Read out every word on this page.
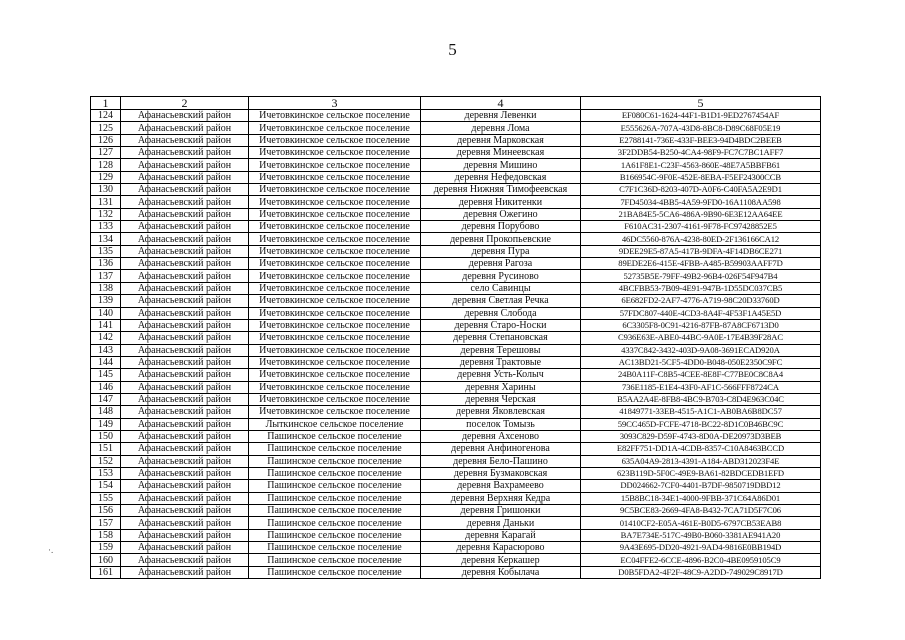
5
1	2	3	4	5
124	Афанасьевский район	Ичетовкинское сельское поселение	деревня Левенки	EF080C61-1624-44F1-B1D1-9ED2767454AF
125	Афанасьевский район	Ичетовкинское сельское поселение	деревня Лома	E555626A-707A-43D8-8BC8-D89C68F05E19
126	Афанасьевский район	Ичетовкинское сельское поселение	деревня Марковская	E2788141-736E-433F-BEE3-94D4BDC2BEEB
127	Афанасьевский район	Ичетовкинское сельское поселение	деревня Минеевская	3F2DDB54-B250-4CA4-98F9-FC7C7BC1AFF7
128	Афанасьевский район	Ичетовкинское сельское поселение	деревня Мишино	1A61F8E1-C23F-4563-860E-48E7A5BBFB61
129	Афанасьевский район	Ичетовкинское сельское поселение	деревня Нефедовская	B166954C-9F0E-452E-8EBA-F5EF24300CCB
130	Афанасьевский район	Ичетовкинское сельское поселение	деревня Нижняя Тимофеевская	C7F1C36D-8203-407D-A0F6-C40FA5A2E9D1
131	Афанасьевский район	Ичетовкинское сельское поселение	деревня Никитенки	7FD45034-4BB5-4A59-9FD0-16A1108AA598
132	Афанасьевский район	Ичетовкинское сельское поселение	деревня Ожегино	21BA84E5-5CA6-486A-9B90-6E3E12AA64EE
133	Афанасьевский район	Ичетовкинское сельское поселение	деревня Порубово	F610AC31-2307-4161-9F78-FC97428852E5
134	Афанасьевский район	Ичетовкинское сельское поселение	деревня Прокопьевские	46DC5560-876A-4238-80ED-2F136166CA12
135	Афанасьевский район	Ичетовкинское сельское поселение	деревня Пура	9DEE29E5-87A5-417B-9DFA-4F14DB6CE271
136	Афанасьевский район	Ичетовкинское сельское поселение	деревня Рагоза	89EDE2E6-415E-4FBB-A485-B59903AAFF7D
137	Афанасьевский район	Ичетовкинское сельское поселение	деревня Русиново	52735B5E-79FF-49B2-96B4-026F54F947B4
138	Афанасьевский район	Ичетовкинское сельское поселение	село Савинцы	4BCFBB53-7B09-4E91-947B-1D55DC037CB5
139	Афанасьевский район	Ичетовкинское сельское поселение	деревня Светлая Речка	6E682FD2-2AF7-4776-A719-98C20D33760D
140	Афанасьевский район	Ичетовкинское сельское поселение	деревня Слобода	57FDC807-440E-4CD3-8A4F-4F53F1A45E5D
141	Афанасьевский район	Ичетовкинское сельское поселение	деревня Старо-Носки	6C3305F8-0C91-4216-87FB-87A8CF6713D0
142	Афанасьевский район	Ичетовкинское сельское поселение	деревня Степановская	C936E63E-ABE0-44BC-9A0E-17E4B39F28AC
143	Афанасьевский район	Ичетовкинское сельское поселение	деревня Терешовы	4337C842-3432-403D-9A08-3691ECAD920A
144	Афанасьевский район	Ичетовкинское сельское поселение	деревня Трактовые	AC13BD21-5CF5-4DD0-B048-050E2350C9FC
145	Афанасьевский район	Ичетовкинское сельское поселение	деревня Усть-Колыч	24B0A11F-C8B5-4CEE-8E8F-C77BE0C8C8A4
146	Афанасьевский район	Ичетовкинское сельское поселение	деревня Харины	736E1185-E1E4-43F0-AF1C-566FFF8724CA
147	Афанасьевский район	Ичетовкинское сельское поселение	деревня Черская	B5AA2A4E-8FB8-4BC9-B703-C8D4E963C04C
148	Афанасьевский район	Ичетовкинское сельское поселение	деревня Яковлевская	41849771-33EB-4515-A1C1-AB0BA6B8DC57
149	Афанасьевский район	Лыткинское сельское поселение	поселок Томызь	59CC465D-FCFE-4718-BC22-8D1C0B46BC9C
150	Афанасьевский район	Пашинское сельское поселение	деревня Ахсеново	3093C829-D59F-4743-8D0A-DE20973D3BEB
151	Афанасьевский район	Пашинское сельское поселение	деревня Анфиногенова	E82FF751-DD1A-4CDB-8357-C10A8463BCCD
152	Афанасьевский район	Пашинское сельское поселение	деревня Бело-Пашино	635A04A9-2813-4391-A184-ABD312023F4E
153	Афанасьевский район	Пашинское сельское поселение	деревня Бузмаковская	623B119D-5F0C-49E9-BA61-82BDCEDB1EFD
154	Афанасьевский район	Пашинское сельское поселение	деревня Вахрамеево	DD024662-7CF0-4401-B7DF-9850719DBD12
155	Афанасьевский район	Пашинское сельское поселение	деревня Верхняя Кедра	15B8BC18-34E1-4000-9FBB-371C64A86D01
156	Афанасьевский район	Пашинское сельское поселение	деревня Гришонки	9C5BCE83-2669-4FA8-B432-7CA71D5F7C06
157	Афанасьевский район	Пашинское сельское поселение	деревня Даньки	01410CF2-E05A-461E-B0D5-6797CB53EAB8
158	Афанасьевский район	Пашинское сельское поселение	деревня Карагай	BA7E734E-517C-49B0-B060-3381AE941A20
159	Афанасьевский район	Пашинское сельское поселение	деревня Карасюрово	9A43E695-DD20-4921-9AD4-9816E0BB194D
160	Афанасьевский район	Пашинское сельское поселение	деревня Керкашер	EC04FFE2-6CCE-4896-B2C0-4BE0959105C9
161	Афанасьевский район	Пашинское сельское поселение	деревня Кобылача	D0B5FDA2-4F2F-48C9-A2DD-749029C8917D
·.
